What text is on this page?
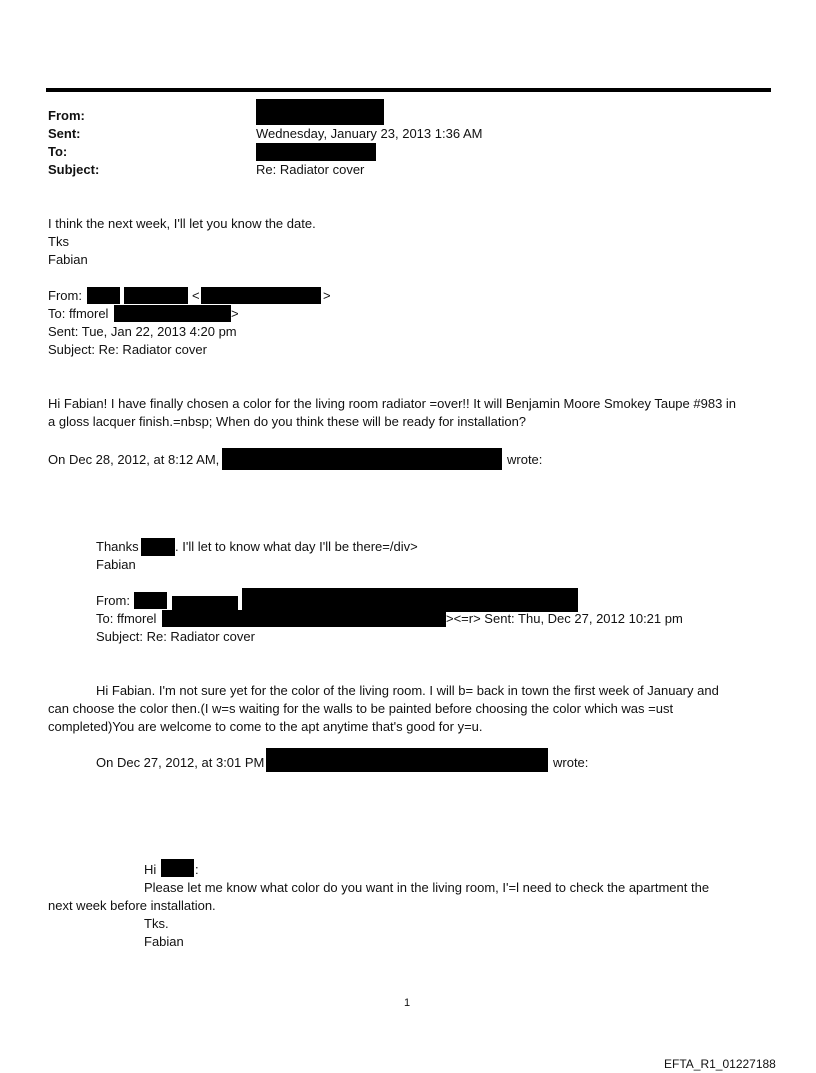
From:
Sent:	Wednesday, January 23, 2013 1:36 AM
To:
Subject:	Re: Radiator cover
I think the next week, I'll let you know the date.
Tks
Fabian
From:	<	>
To: ffmorel	>
Sent: Tue, Jan 22, 2013 4:20 pm
Subject: Re: Radiator cover
Hi Fabian! I have finally chosen a color for the living room radiator =over!! It will Benjamin Moore Smokey Taupe #983 in
a gloss lacquer finish.=nbsp; When do you think these will be ready for installation?
On Dec 28, 2012, at 8:12 AM,	wrote:
Thanks	. I'll let to know what day I'll be there=/div>
Fabian
From:
To: ffmorel	><=r> Sent: Thu, Dec 27, 2012 10:21 pm
Subject: Re: Radiator cover
Hi Fabian. I'm not sure yet for the color of the living room. I will b= back in town the first week of January and
can choose the color then.(I w=s waiting for the walls to be painted before choosing the color which was =ust
completed)You are welcome to come to the apt anytime that's good for y=u.
On Dec 27, 2012, at 3:01 PM	wrote:
Hi	:
Please let me know what color do you want in the living room, I'=l need to check the apartment the
next week before installation.
Tks.
Fabian
1
EFTA_R1_01227188
